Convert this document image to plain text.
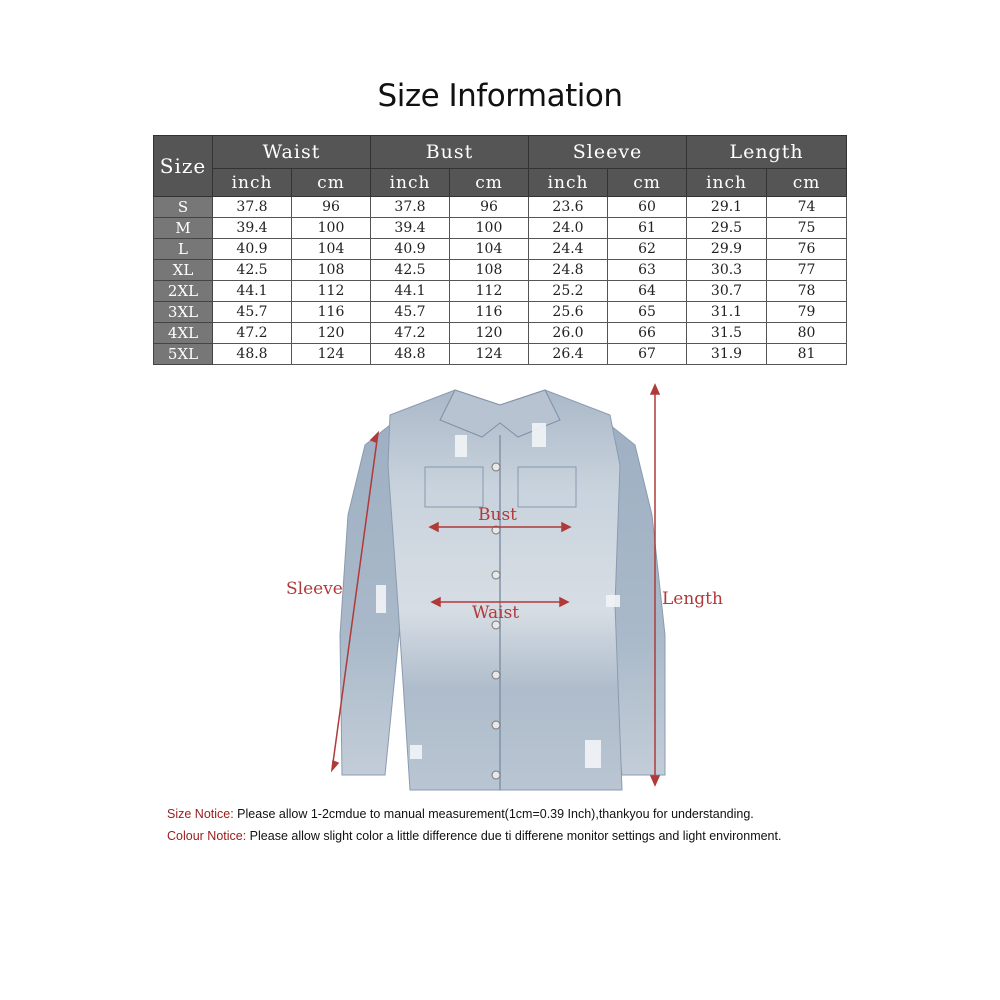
Size Information
Size	Waist		Bust		Sleeve		Length	
	inch	cm	inch	cm	inch	cm	inch	cm
S	37.8	96	37.8	96	23.6	60	29.1	74
M	39.4	100	39.4	100	24.0	61	29.5	75
L	40.9	104	40.9	104	24.4	62	29.9	76
XL	42.5	108	42.5	108	24.8	63	30.3	77
2XL	44.1	112	44.1	112	25.2	64	30.7	78
3XL	45.7	116	45.7	116	25.6	65	31.1	79
4XL	47.2	120	47.2	120	26.0	66	31.5	80
5XL	48.8	124	48.8	124	26.4	67	31.9	81
Bust
Waist
Sleeve	Length
Size Notice: Please allow 1-2cmdue to manual measurement(1cm=0.39 Inch),thankyou for understanding.
Colour Notice: Please allow slight color a little difference due ti differene monitor settings and light environment.
